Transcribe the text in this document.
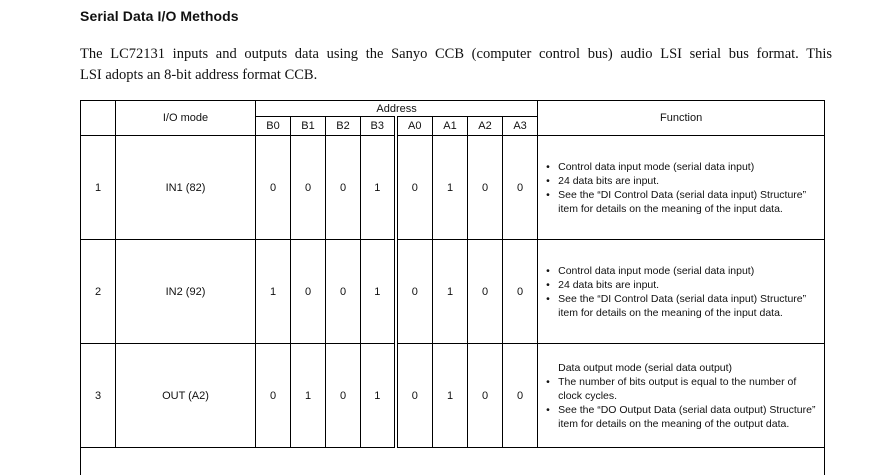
Serial Data I/O Methods
The LC72131 inputs and outputs data using the Sanyo CCB (computer control bus) audio LSI serial bus format. This
LSI adopts an 8-bit address format CCB.
	I/O mode	Address								Function
		B0	B1	B2	B3	A0	A1	A2	A3	
1	IN1 (82)	0	0	0	1	0	1	0	0	
• Control data input mode (serial data input)
• 24 data bits are input.
• See the “DI Control Data (serial data input) Structure” item for details on the meaning of the input data.

2	IN2 (92)	1	0	0	1	0	1	0	0	
• Control data input mode (serial data input)
• 24 data bits are input.
• See the “DI Control Data (serial data input) Structure” item for details on the meaning of the input data.

3	OUT (A2)	0	1	0	1	0	1	0	0	Data output mode (serial data output)
• The number of bits output is equal to the number of clock cycles.
• See the “DO Output Data (serial data output) Structure” item for details on the meaning of the output data.
